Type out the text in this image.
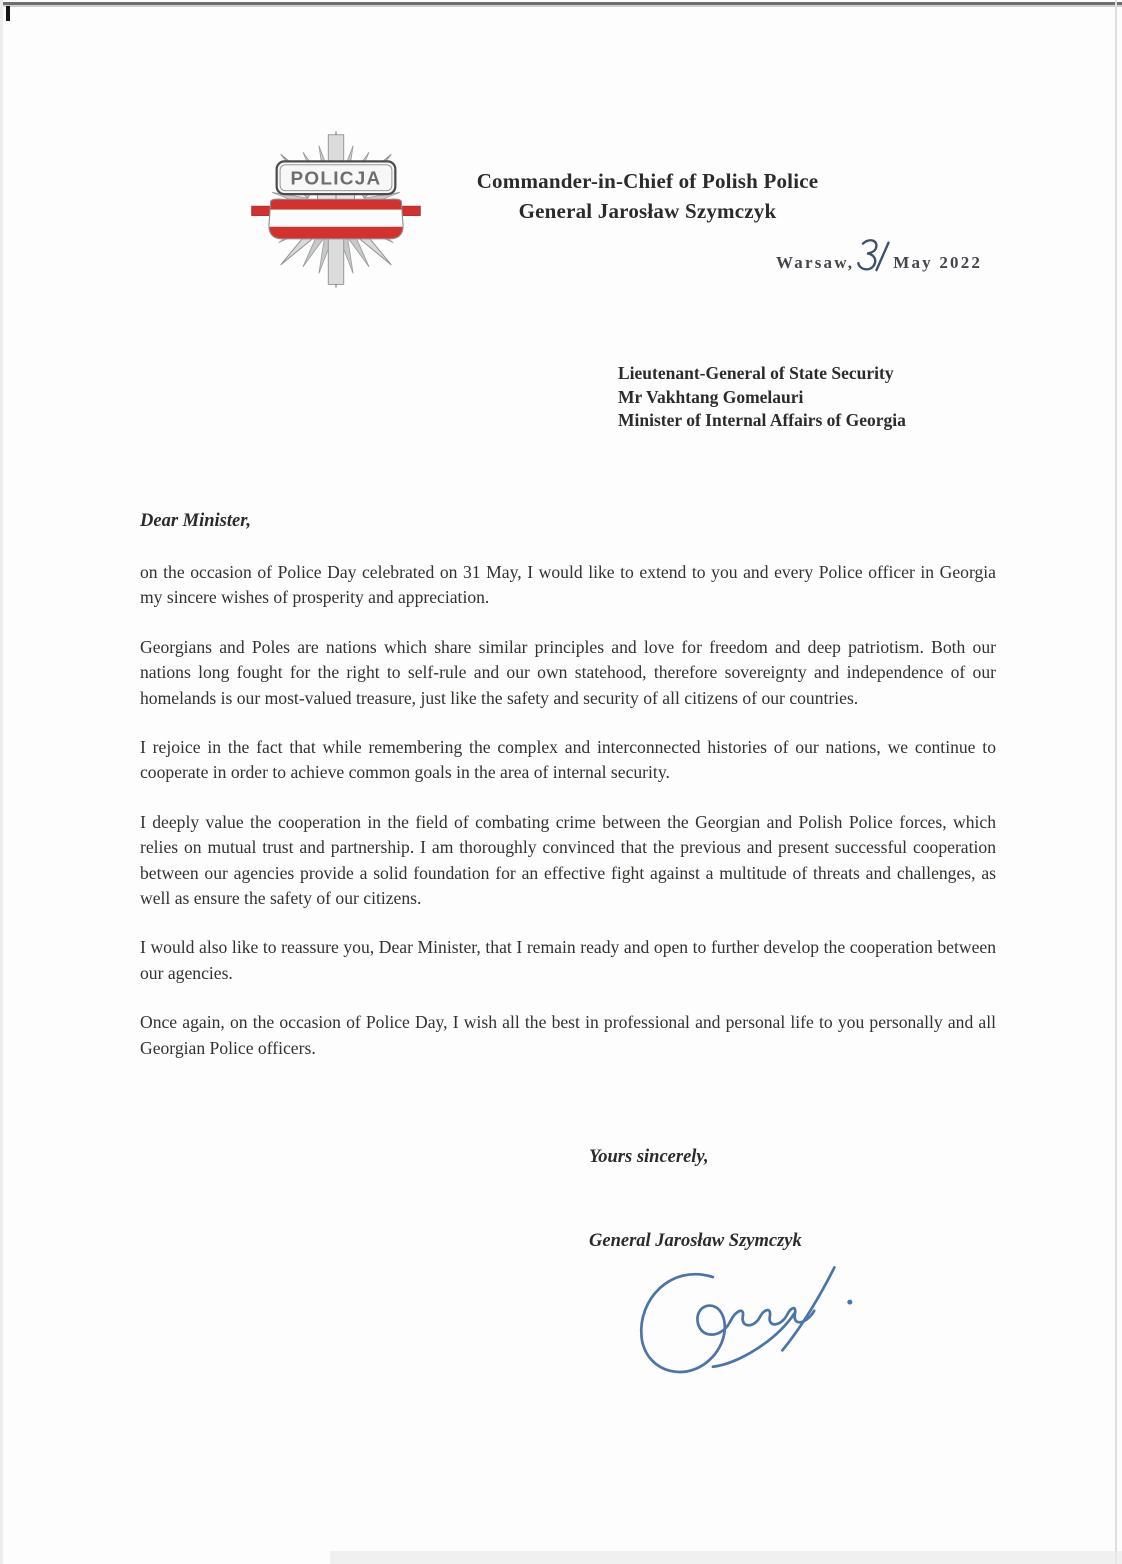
POLICJA	Commander-in-Chief of Polish Police
General Jarosław Szymczyk
Warsaw, May 2022
Lieutenant-General of State Security
Mr Vakhtang Gomelauri
Minister of Internal Affairs of Georgia
Dear Minister,

on the occasion of Police Day celebrated on 31 May, I would like to extend to you and every Police officer in Georgia my sincere wishes of prosperity and appreciation.

Georgians and Poles are nations which share similar principles and love for freedom and deep patriotism. Both our nations long fought for the right to self-rule and our own statehood, therefore sovereignty and independence of our homelands is our most-valued treasure, just like the safety and security of all citizens of our countries.

I rejoice in the fact that while remembering the complex and interconnected histories of our nations, we continue to cooperate in order to achieve common goals in the area of internal security.

I deeply value the cooperation in the field of combating crime between the Georgian and Polish Police forces, which relies on mutual trust and partnership. I am thoroughly convinced that the previous and present successful cooperation between our agencies provide a solid foundation for an effective fight against a multitude of threats and challenges, as well as ensure the safety of our citizens.

I would also like to reassure you, Dear Minister, that I remain ready and open to further develop the cooperation between our agencies.

Once again, on the occasion of Police Day, I wish all the best in professional and personal life to you personally and all Georgian Police officers.

Yours sincerely,
General Jarosław Szymczyk
